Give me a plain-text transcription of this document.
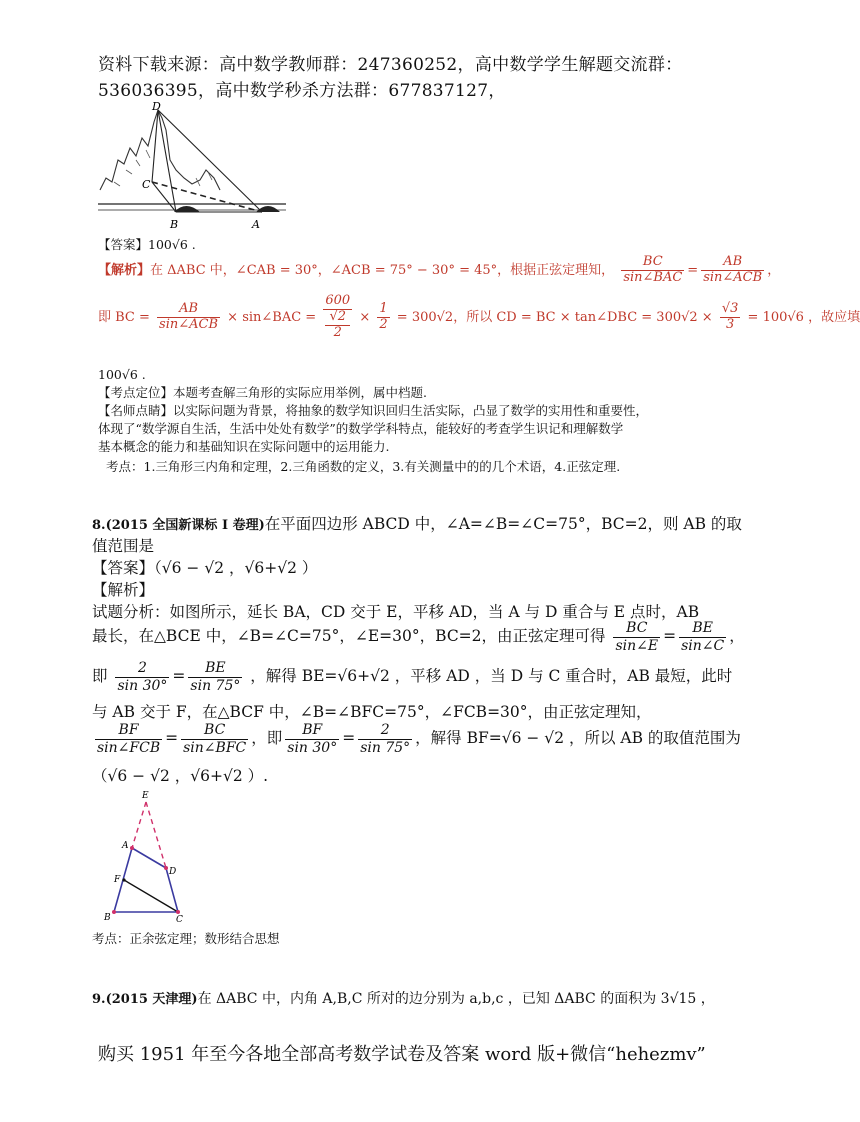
资料下载来源：高中数学教师群：247360252，高中数学学生解题交流群：
536036395，高中数学秒杀方法群：677837127，
D
C
B	A
【答案】100√6 .
【解析】在 ΔABC 中，∠CAB = 30°，∠ACB = 75° − 30° = 45°，根据正弦定理知， $\frac{BC}{\text{sin∠BAC}} = \frac{AB}{\text{sin∠ACB}}$ ，
即 BC = $\frac{AB}{\text{sin∠ACB}}$ × sin∠BAC = 600
√2
$2 \times \frac{1}{2} = 300√2$，所以 CD = BC × tan∠DBC = $300√2 \times \frac{√3}{3} = 100√6$ ，故应填
100√6 .
【考点定位】本题考查解三角形的实际应用举例，属中档题.
【名师点睛】以实际问题为背景，将抽象的数学知识回归生活实际，凸显了数学的实用性和重要性，
体现了“数学源自生活，生活中处处有数学”的数学学科特点，能较好的考查学生识记和理解数学
基本概念的能力和基础知识在实际问题中的运用能力.
考点：1.三角形三内角和定理，2.三角函数的定义，3.有关测量中的的几个术语，4.正弦定理.
8.(2015 全国新课标 I 卷理)在平面四边形 ABCD 中，∠A=∠B=∠C=75°，BC=2，则 AB 的取
值范围是
【答案】（√6 − √2 ，√6+√2 ）
【解析】
试题分析：如图所示，延长 BA，CD 交于 E，平移 AD，当 A 与 D 重合与 E 点时，AB
最长，在△BCE 中，∠B=∠C=75°，∠E=30°，BC=2，由正弦定理可得 $\frac{BC}{\sin\angle E} = \frac{BE}{\sin\angle C}$ ，
即 $\frac{2}{\sin 30^\circ} = \frac{BE}{\sin 75^\circ}$ ，解得 BE=√6+√2 ，平移 AD ，当 D 与 C 重合时，AB 最短，此时
与 AB 交于 F，在△BCF 中，∠B=∠BFC=75°，∠FCB=30°，由正弦定理知，
$\frac{BF}{\text{sin∠FCB}} = \frac{BC}{\text{sin∠BFC}}$ ，即 $\frac{BF}{\sin 30^\circ} = \frac{2}{\sin 75^\circ}$ ，解得 BF=√6 − √2 ，所以 AB 的取值范围为
（√6 − √2 ，√6+√2 ）.
E
A
D
F
B	C
考点：正余弦定理；数形结合思想
9.(2015 天津理)在 ΔABC 中，内角 A,B,C 所对的边分别为 a,b,c ，已知 ΔABC 的面积为 3√15 ，
购买 1951 年至今各地全部高考数学试卷及答案 word 版+微信“hehezmv”
